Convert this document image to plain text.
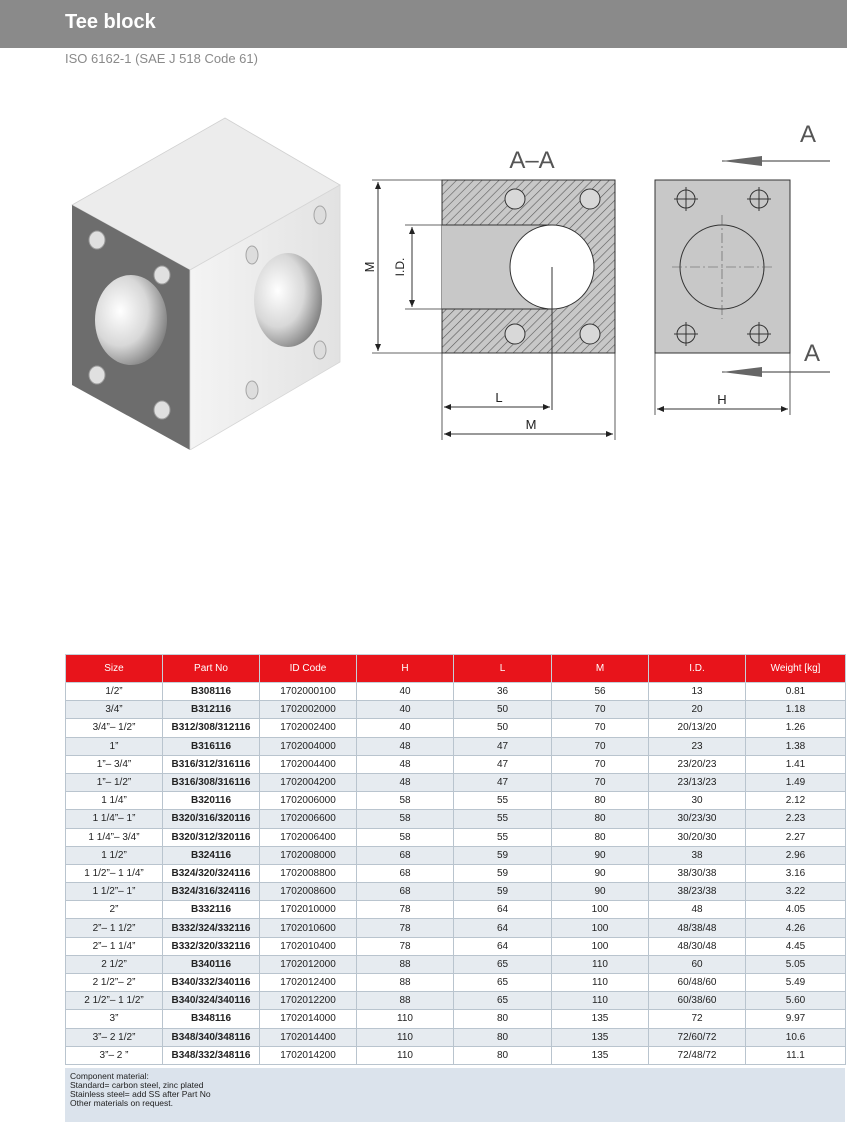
Tee block
ISO 6162-1 (SAE J 518 Code 61)
A–A
M I.D.
L
M
A
A
H
Size	Part No	ID Code	H	L	M	I.D.	Weight [kg]
1/2”	B308116	1702000100	40	36	56	13	0.81
3/4”	B312116	1702002000	40	50	70	20	1.18
3/4”– 1/2”	B312/308/312116	1702002400	40	50	70	20/13/20	1.26
1”	B316116	1702004000	48	47	70	23	1.38
1”– 3/4”	B316/312/316116	1702004400	48	47	70	23/20/23	1.41
1”– 1/2”	B316/308/316116	1702004200	48	47	70	23/13/23	1.49
1 1/4”	B320116	1702006000	58	55	80	30	2.12
1 1/4”– 1”	B320/316/320116	1702006600	58	55	80	30/23/30	2.23
1 1/4”– 3/4”	B320/312/320116	1702006400	58	55	80	30/20/30	2.27
1 1/2”	B324116	1702008000	68	59	90	38	2.96
1 1/2”– 1 1/4”	B324/320/324116	1702008800	68	59	90	38/30/38	3.16
1 1/2”– 1”	B324/316/324116	1702008600	68	59	90	38/23/38	3.22
2”	B332116	1702010000	78	64	100	48	4.05
2”– 1 1/2”	B332/324/332116	1702010600	78	64	100	48/38/48	4.26
2”– 1 1/4”	B332/320/332116	1702010400	78	64	100	48/30/48	4.45
2 1/2”	B340116	1702012000	88	65	110	60	5.05
2 1/2”– 2”	B340/332/340116	1702012400	88	65	110	60/48/60	5.49
2 1/2”– 1 1/2”	B340/324/340116	1702012200	88	65	110	60/38/60	5.60
3”	B348116	1702014000	110	80	135	72	9.97
3”– 2 1/2”	B348/340/348116	1702014400	110	80	135	72/60/72	10.6
3”– 2 ”	B348/332/348116	1702014200	110	80	135	72/48/72	11.1
Component material:
Standard= carbon steel, zinc plated
Stainless steel= add SS after Part No
Other materials on request.
